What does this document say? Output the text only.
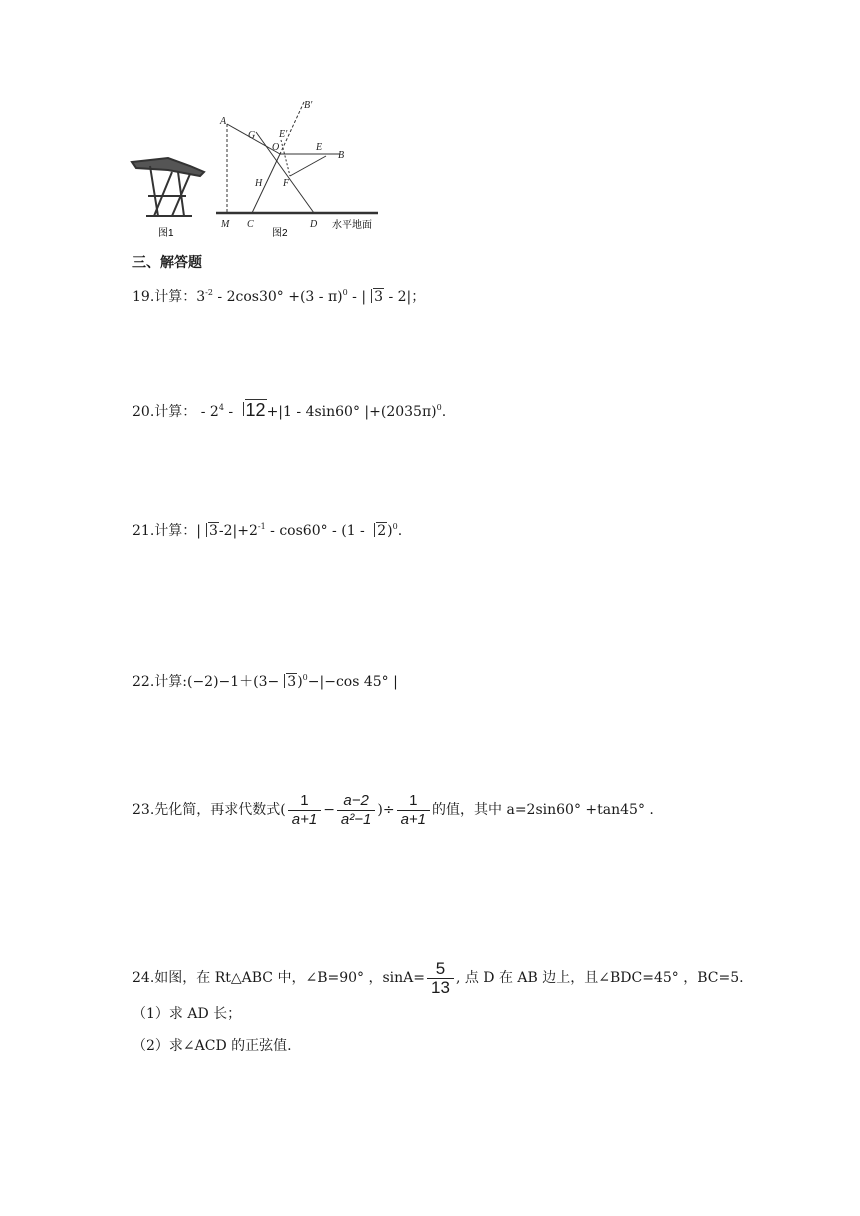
图1
A
B'
G E'
O	E
B
H F
M C	D
图2
水平地面
三、解答题
19.计算：$3^{-2} - 2\cos 30^\circ +(3 - \pi)^0$ - | 3 - 2|；
20.计算： - $2^4 - 12+|1 - 4\sin 60^\circ$ $|+(2035\pi)^0$.
21.计算：| $3-2|+2^{-1} - \cos 60^\circ - (1 - 2)^0$.
22.计算:(−2)−1＋(3− 3)$^0$−|−cos 45° |
23.先化简，再求代数式( $\frac{1}{a+1} - \frac{a-2}{\text{a²−1}}$ )÷ $\frac{1}{a+1}$ 的值，其中 a=2sin60° +tan45° .
24.如图，在 Rt△ABC 中，∠B=90° ，$\sin A= \frac{5}{13}$ , 点 D 在 AB 边上，且∠BDC=45° ，BC=5.
（1）求 AD 长；
（2）求∠ACD 的正弦值.
